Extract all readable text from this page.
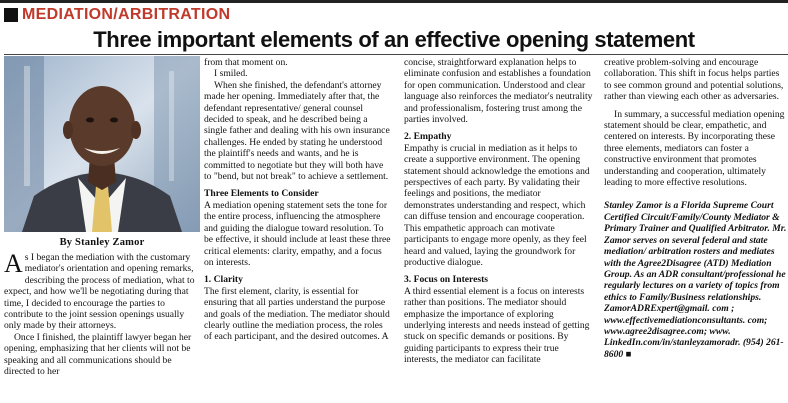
MEDIATION/ARBITRATION
Three important elements of an effective opening statement
By Stanley Zamor

As I began the mediation with the customary mediator's orientation and opening remarks, describing the process of mediation, what to expect, and how we'll be negotiating during that time, I decided to encourage the parties to contribute to the joint session openings usually only made by their attorneys.

Once I finished, the plaintiff lawyer began her opening, emphasizing that her clients will not be speaking and all communications should be directed to her

from that moment on.

I smiled.

When she finished, the defendant's attorney made her opening. Immediately after that, the defendant representative/ general counsel decided to speak, and he described being a single father and dealing with his own insurance challenges. He ended by stating he understood the plaintiff's needs and wants, and he is committed to negotiate but they will both have to "bend, but not break" to achieve a settlement.

Three Elements to Consider

A mediation opening statement sets the tone for the entire process, influencing the atmosphere and guiding the dialogue toward resolution. To be effective, it should include at least these three critical elements: clarity, empathy, and a focus on interests.

1. Clarity

The first element, clarity, is essential for ensuring that all parties understand the purpose and goals of the mediation. The mediator should clearly outline the mediation process, the roles of each participant, and the desired outcomes. A

concise, straightforward explanation helps to eliminate confusion and establishes a foundation for open communication. Understood and clear language also reinforces the mediator's neutrality and professionalism, fostering trust among the parties involved.

2. Empathy

Empathy is crucial in mediation as it helps to create a supportive environment. The opening statement should acknowledge the emotions and perspectives of each party. By validating their feelings and positions, the mediator demonstrates understanding and respect, which can diffuse tension and encourage cooperation. This empathetic approach can motivate participants to engage more openly, as they feel heard and valued, laying the groundwork for productive dialogue.

3. Focus on Interests

A third essential element is a focus on interests rather than positions. The mediator should emphasize the importance of exploring underlying interests and needs instead of getting stuck on specific demands or positions. By guiding participants to express their true interests, the mediator can facilitate

creative problem-solving and encourage collaboration. This shift in focus helps parties to see common ground and potential solutions, rather than viewing each other as adversaries.

In summary, a successful mediation opening statement should be clear, empathetic, and centered on interests. By incorporating these three elements, mediators can foster a constructive environment that promotes understanding and cooperation, ultimately leading to more effective resolutions.

Stanley Zamor is a Florida Supreme Court Certified Circuit/Family/County Mediator & Primary Trainer and Qualified Arbitrator. Mr. Zamor serves on several federal and state mediation/ arbitration rosters and mediates with the Agree2Disagree (ATD) Mediation Group. As an ADR consultant/professional he regularly lectures on a variety of topics from ethics to Family/Business relationships. ZamorADRExpert@gmail. com ; www.effectivemediationconsultants. com; www.agree2disagree.com; www. LinkedIn.com/in/stanleyzamoradr. (954) 261-8600 ■
